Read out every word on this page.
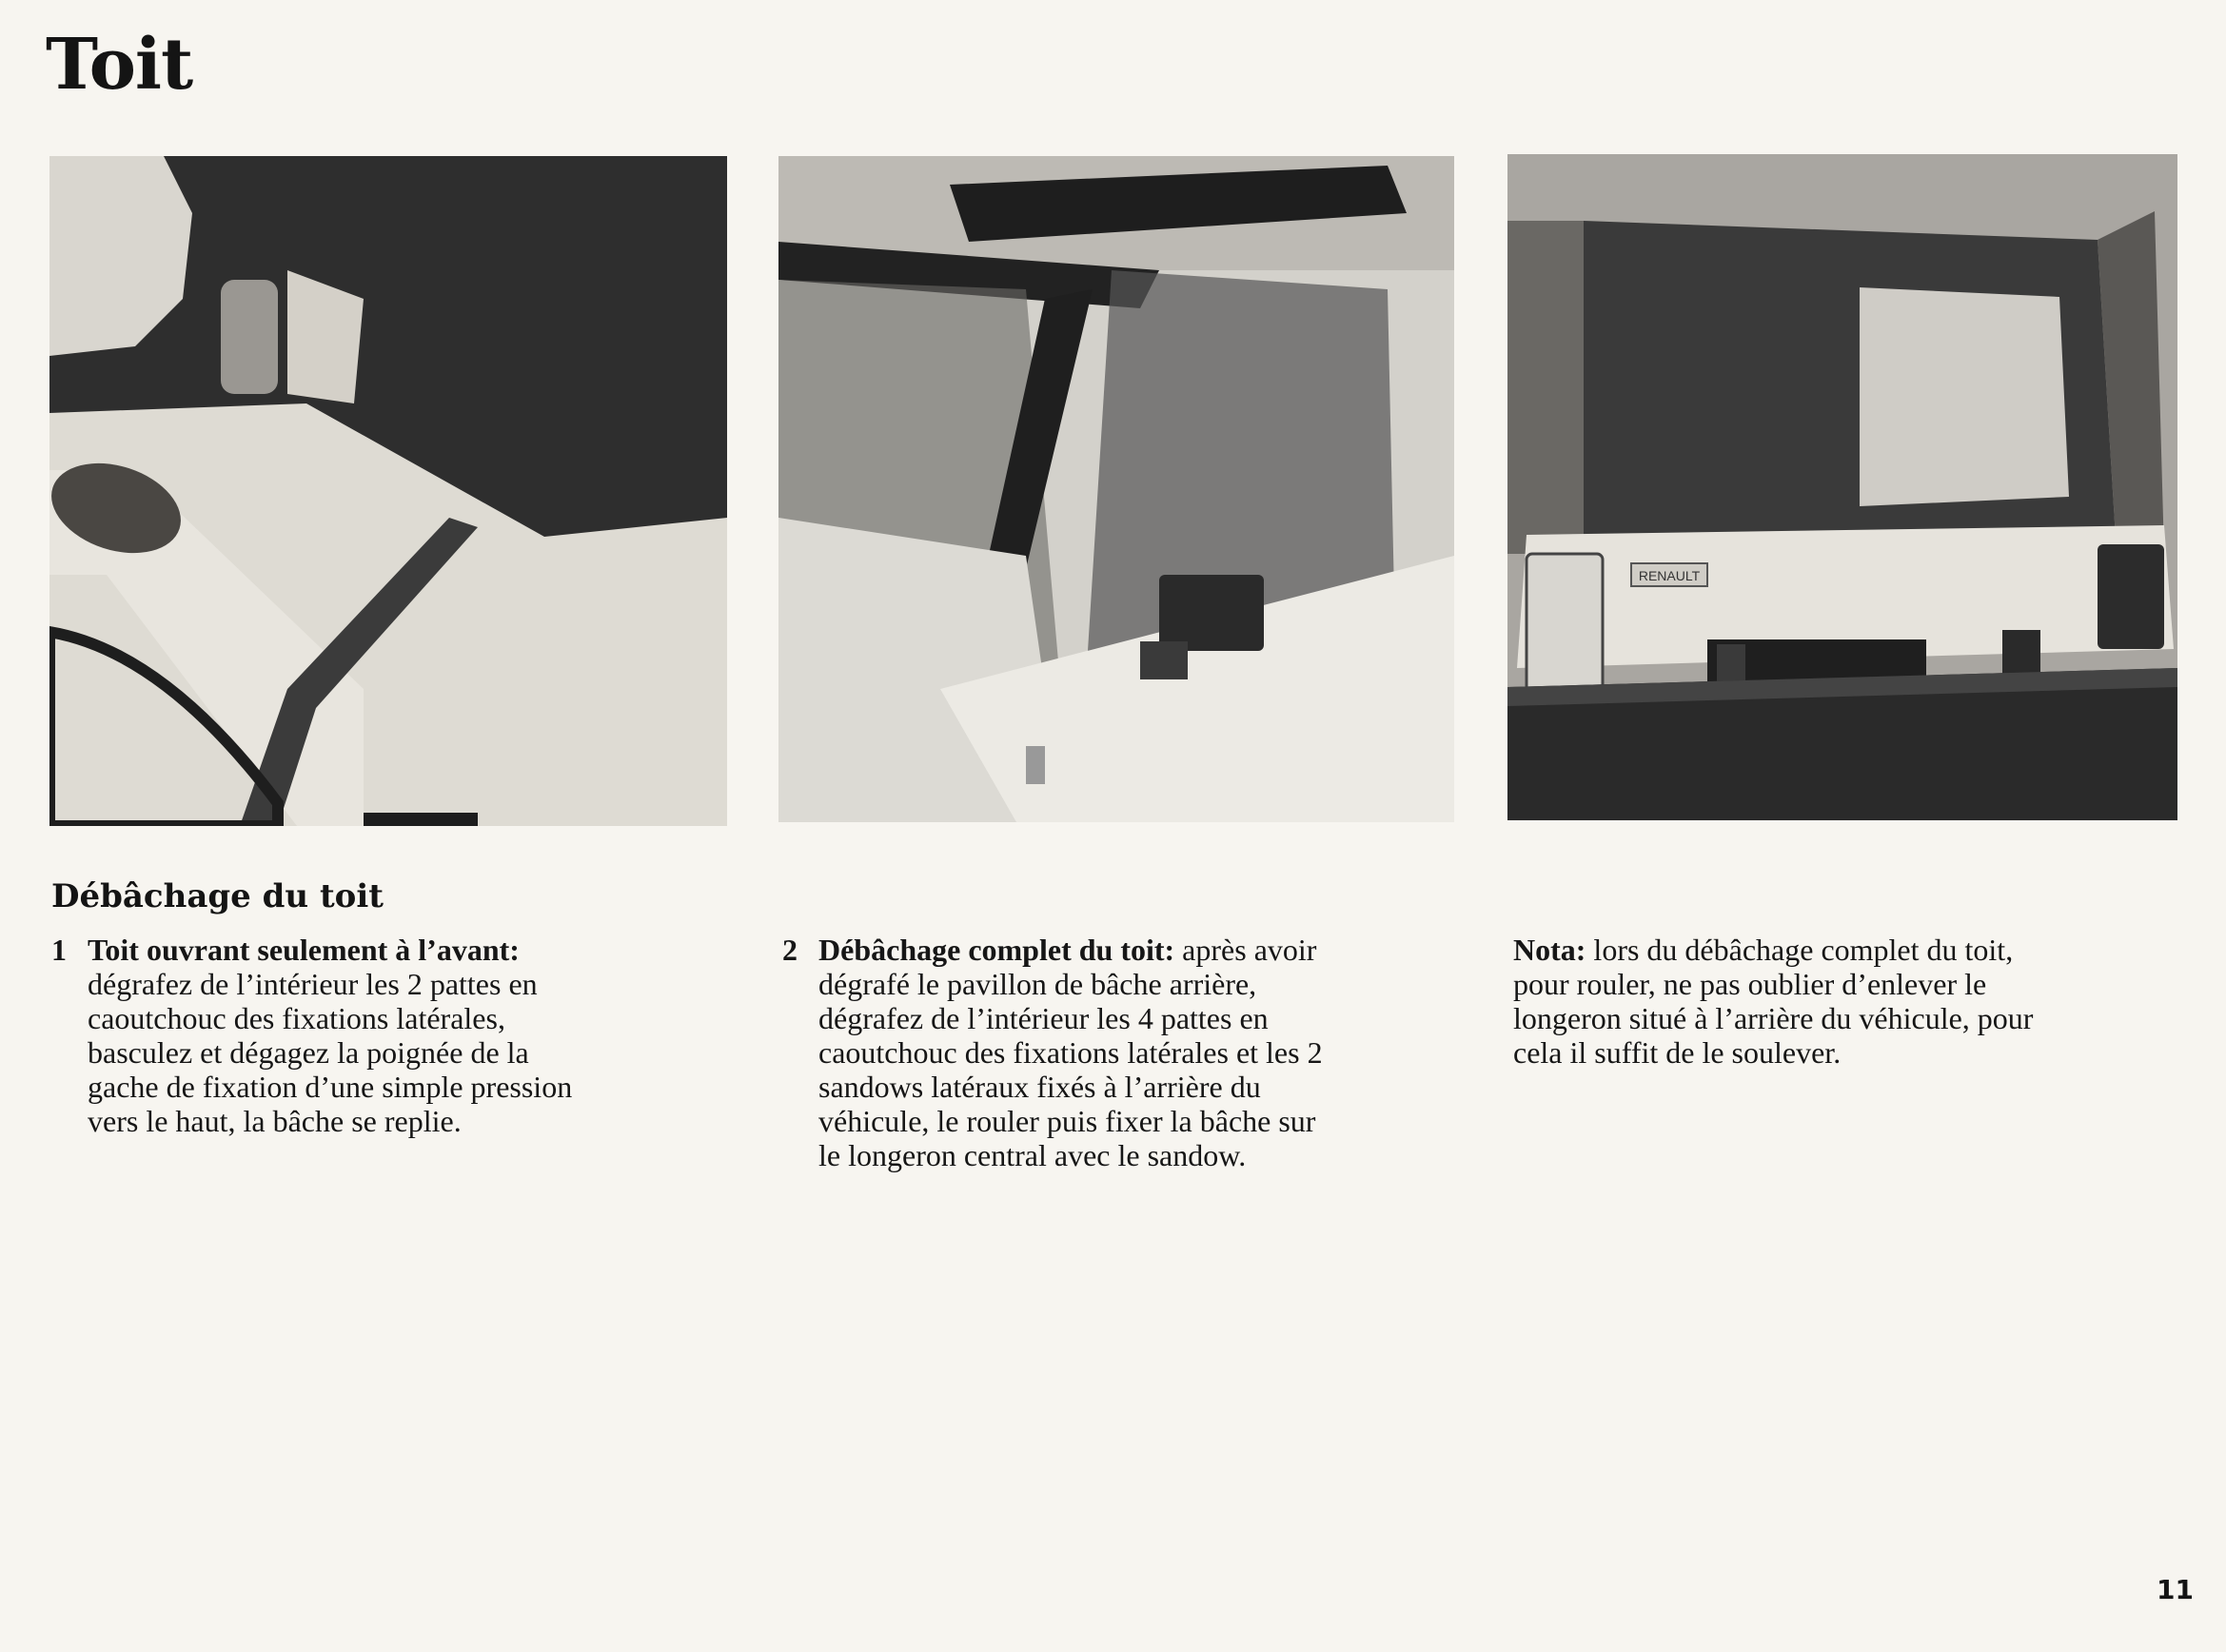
Toit
RENAULT
Débâchage du toit
1 Toit ouvrant seulement à l’avant:
dégrafez de l’intérieur les 2 pattes en
caoutchouc des fixations latérales,
basculez et dégagez la poignée de la
gache de fixation d’une simple pression
vers le haut, la bâche se replie.
2 Débâchage complet du toit: après avoir
dégrafé le pavillon de bâche arrière,
dégrafez de l’intérieur les 4 pattes en
caoutchouc des fixations latérales et les 2
sandows latéraux fixés à l’arrière du
véhicule, le rouler puis fixer la bâche sur
le longeron central avec le sandow.
Nota: lors du débâchage complet du toit,
pour rouler, ne pas oublier d’enlever le
longeron situé à l’arrière du véhicule, pour
cela il suffit de le soulever.
11
